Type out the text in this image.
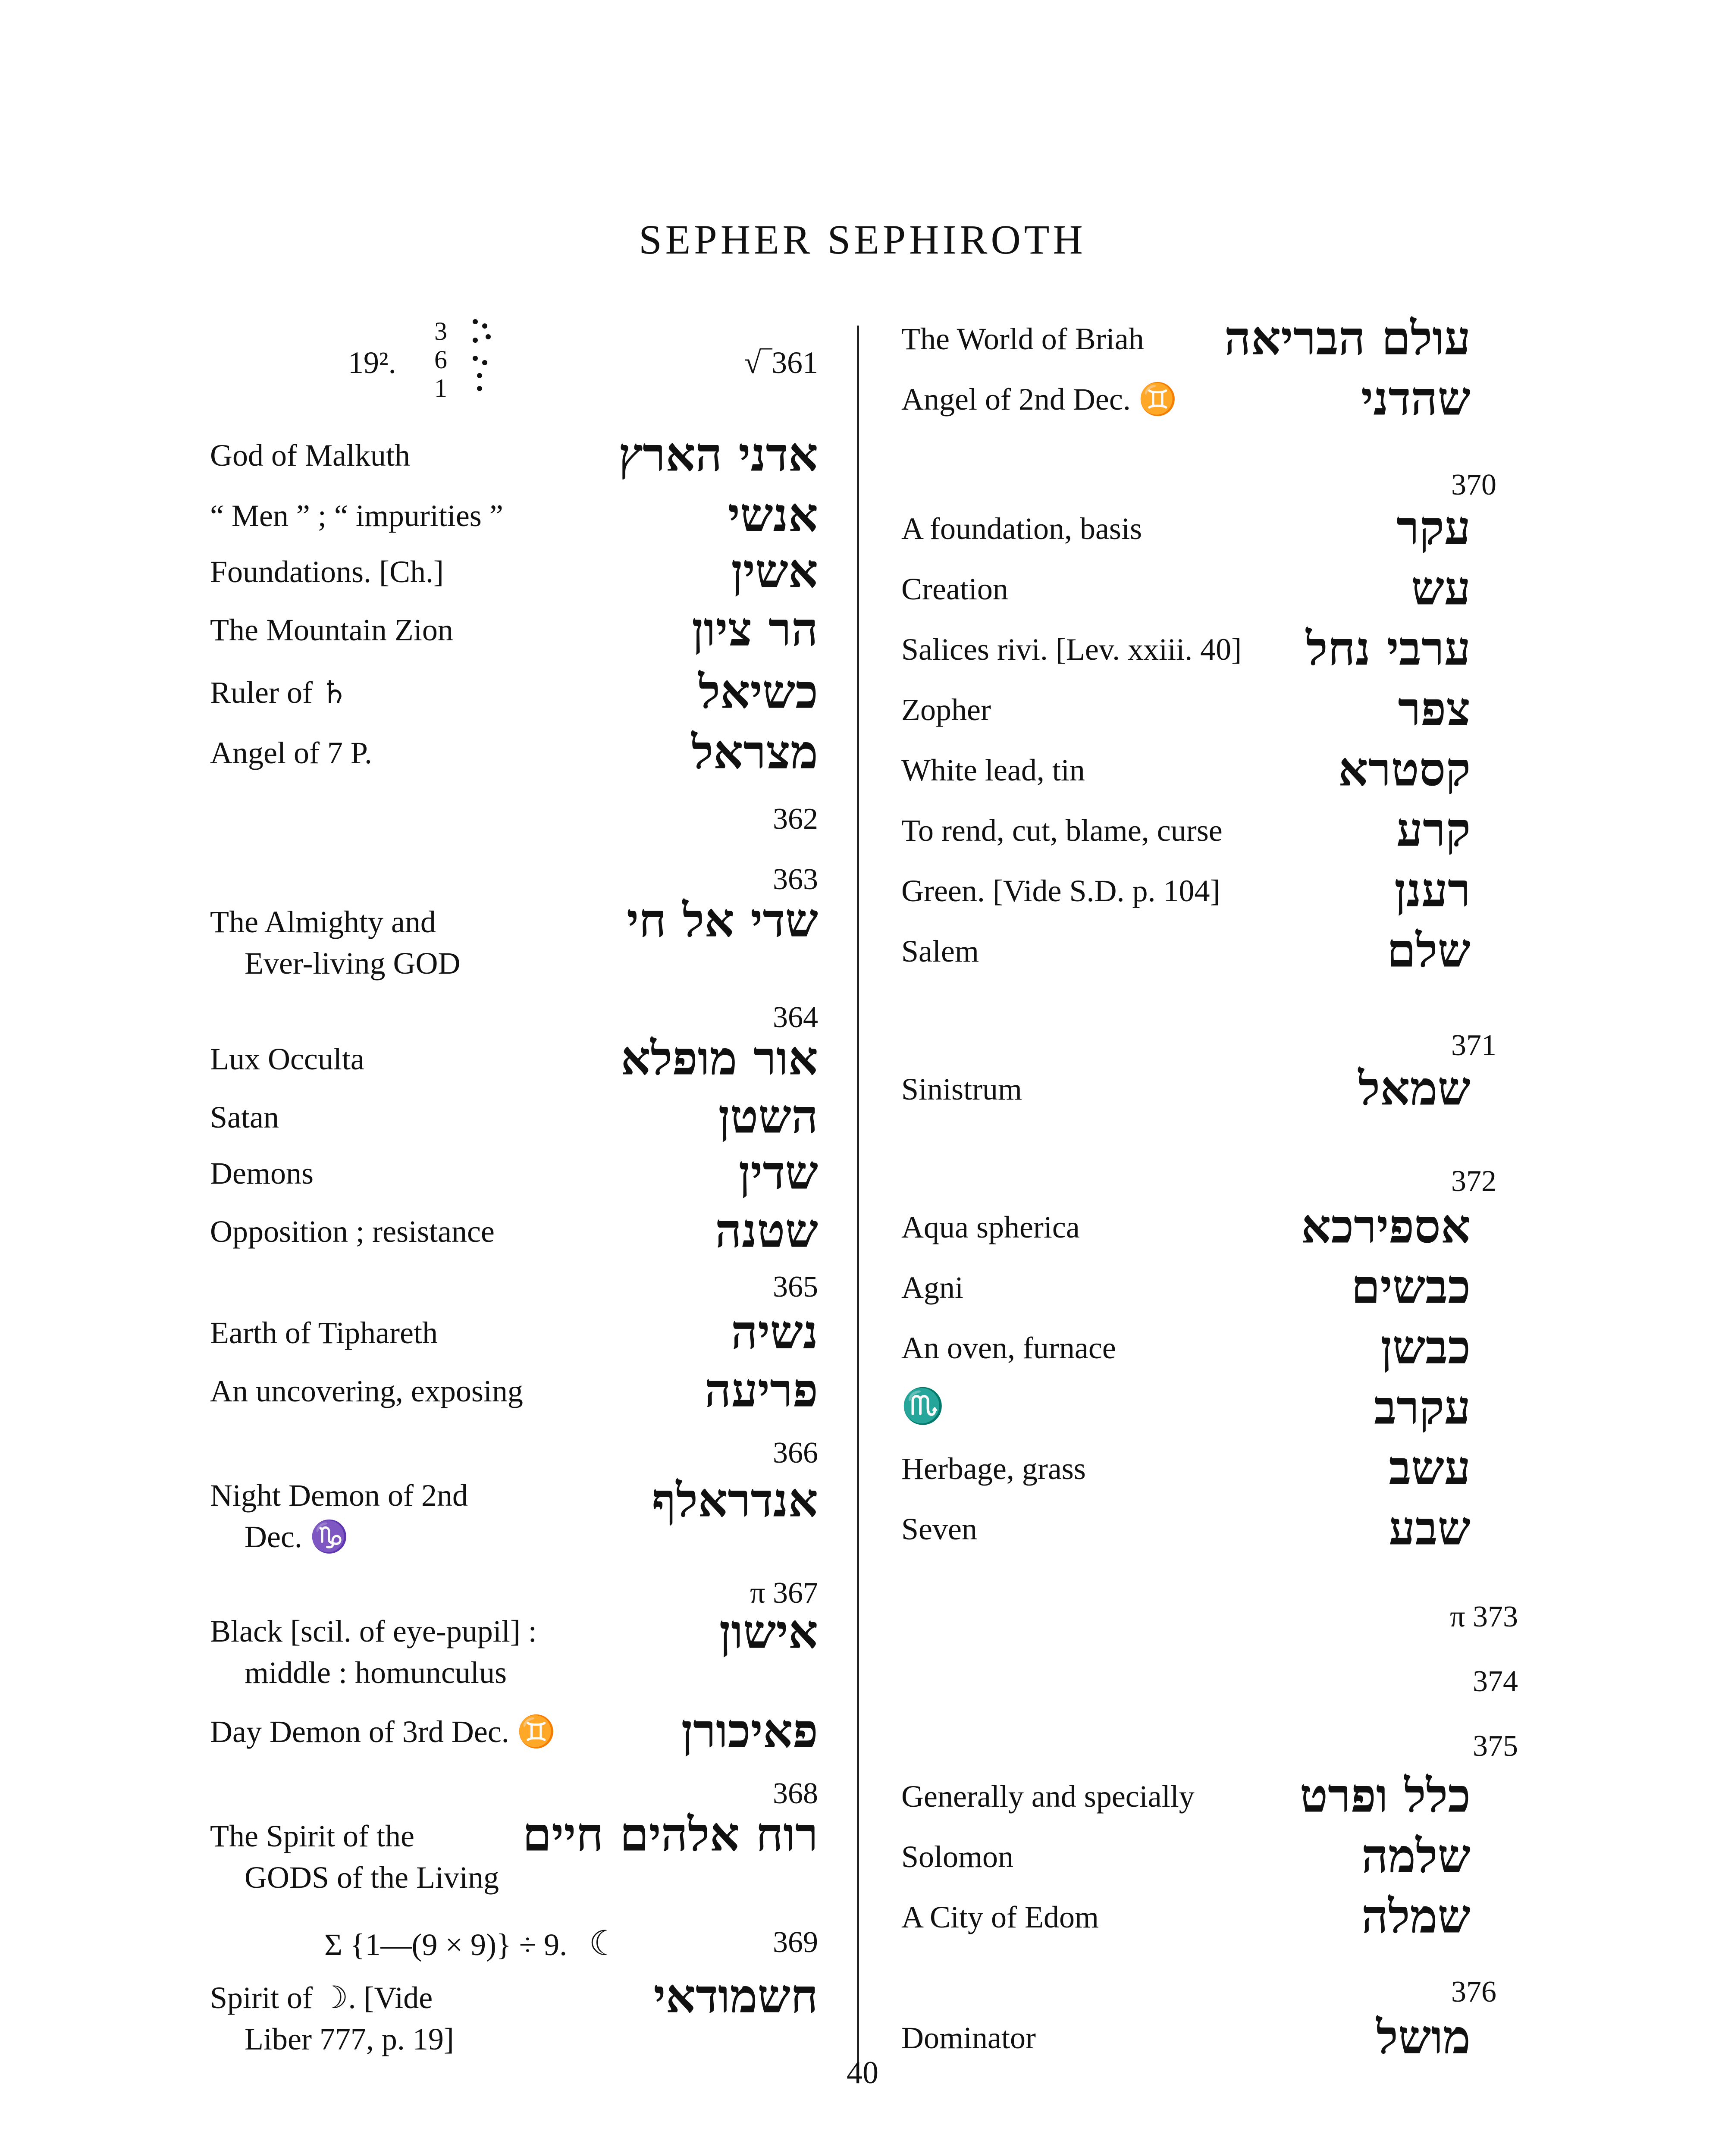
SEPHER SEPHIROTH
19².
3
6
1
√‾361
God of Malkuth	אדני הארץ
“ Men ” ; “ impurities ”	אנשי
Foundations. [Ch.]	אשין
The Mountain Zion	הר ציון
Ruler of ♄	כשיאל
Angel of 7 P.	מצראל
362
363
The Almighty and
Ever-living GOD
שדי אל חי
364
Lux Occulta	אור מופלא
Satan	השטן
Demons	שדין
Opposition ; resistance	שטנה
365
Earth of Tiphareth	נשיה
An uncovering, exposing	פריעה
366
Night Demon of 2nd
Dec. ♑
אנדראלף
π 367
Black [scil. of eye-pupil] :
middle : homunculus
אישון
Day Demon of 3rd Dec. ♊	פאיכורן
368
The Spirit of the
GODS of the Living
רוח אלהים חיים
Σ {1—(9 × 9)} ÷ 9. ☾	369
Spirit of ☽. [Vide
Liber 777, p. 19]
חשמודאי
The World of Briah עולם הבריאה
Angel of 2nd Dec. ♊	שהדני
370
A foundation, basis	עקר
Creation	עש
Salices rivi. [Lev. xxiii. 40] ערבי נחל
Zopher	צפר
White lead, tin	קסטרא
To rend, cut, blame, curse	קרע
Green. [Vide S.D. p. 104]	רענן
Salem	שלם
371
Sinistrum	שמאל
372
Aqua spherica	אספירכא
Agni	כבשים
An oven, furnace	כבשן
♏	עקרב
Herbage, grass	עשב
Seven	שבע
π 373
374
375
Generally and specially כלל ופרט
Solomon	שלמה
A City of Edom	שמלה
376
Dominator	מושל
40
